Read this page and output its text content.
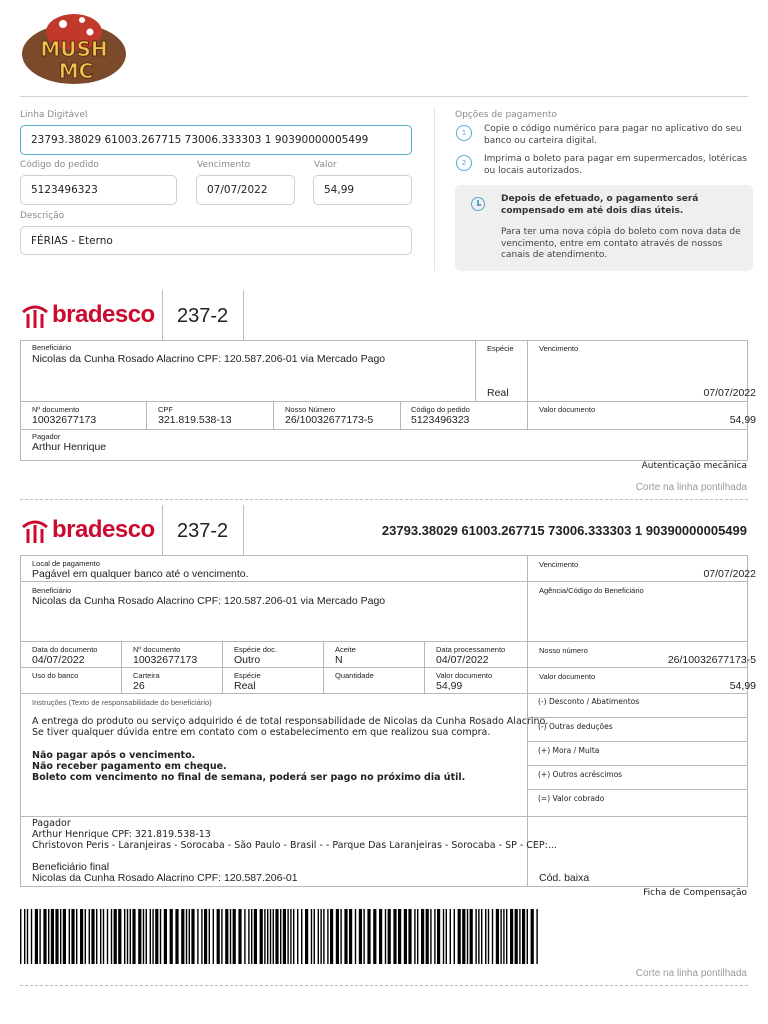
MUSH
MC
Linha Digitável
23793.38029 61003.267715 73006.333303 1 90390000005499
Código do pedido
5123496323
Vencimento
07/07/2022
Valor
54,99
Descrição
FÉRIAS - Eterno
Opções de pagamento
1	Copie o código numérico para pagar no aplicativo do seu banco ou carteira digital.
2	Imprima o boleto para pagar em supermercados, lotéricas ou locais autorizados.
Depois de efetuado, o pagamento será compensado em até dois dias úteis.
Para ter uma nova cópia do boleto com nova data de vencimento, entre em contato através de nossos canais de atendimento.
bradesco 237-2
Beneficiário
Nicolas da Cunha Rosado Alacrino CPF: 120.587.206-01 via Mercado Pago
Espécie
Real
Vencimento
07/07/2022
Nº documento
10032677173
CPF
321.819.538-13
Nosso Número
26/10032677173-5
Código do pedido
5123496323
Valor documento
54,99
Pagador
Arthur Henrique
Autenticação mecânica
Corte na linha pontilhada
bradesco 237-2	23793.38029 61003.267715 73006.333303 1 90390000005499
Local de pagamento
Pagável em qualquer banco até o vencimento.
Vencimento
07/07/2022
Beneficiário
Nicolas da Cunha Rosado Alacrino CPF: 120.587.206-01 via Mercado Pago
Agência/Código do Beneficiário
Data do documento
04/07/2022
Nº documento
10032677173
Espécie doc.
Outro
Aceite
N
Data processamento
04/07/2022
Nosso número
26/10032677173-5
Uso do banco	Carteira
26
Espécie
Real
Quantidade	Valor documento
54,99
Valor documento
54,99
Instruções (Texto de responsabilidade do beneficiário)
A entrega do produto ou serviço adquirido é de total responsabilidade de Nicolas da Cunha Rosado Alacrino.
Se tiver qualquer dúvida entre em contato com o estabelecimento em que realizou sua compra.
Não pagar após o vencimento.
Não receber pagamento em cheque.
Boleto com vencimento no final de semana, poderá ser pago no próximo dia útil.
(-) Desconto / Abatimentos
(-) Outras deduções
(+) Mora / Multa
(+) Outros acréscimos
(=) Valor cobrado
Pagador
Arthur Henrique CPF: 321.819.538-13
Christovon Peris - Laranjeiras - Sorocaba - São Paulo - Brasil - - Parque Das Laranjeiras - Sorocaba - SP - CEP:...
Beneficiário final
Nicolas da Cunha Rosado Alacrino CPF: 120.587.206-01	Cód. baixa
Ficha de Compensação
Corte na linha pontilhada
